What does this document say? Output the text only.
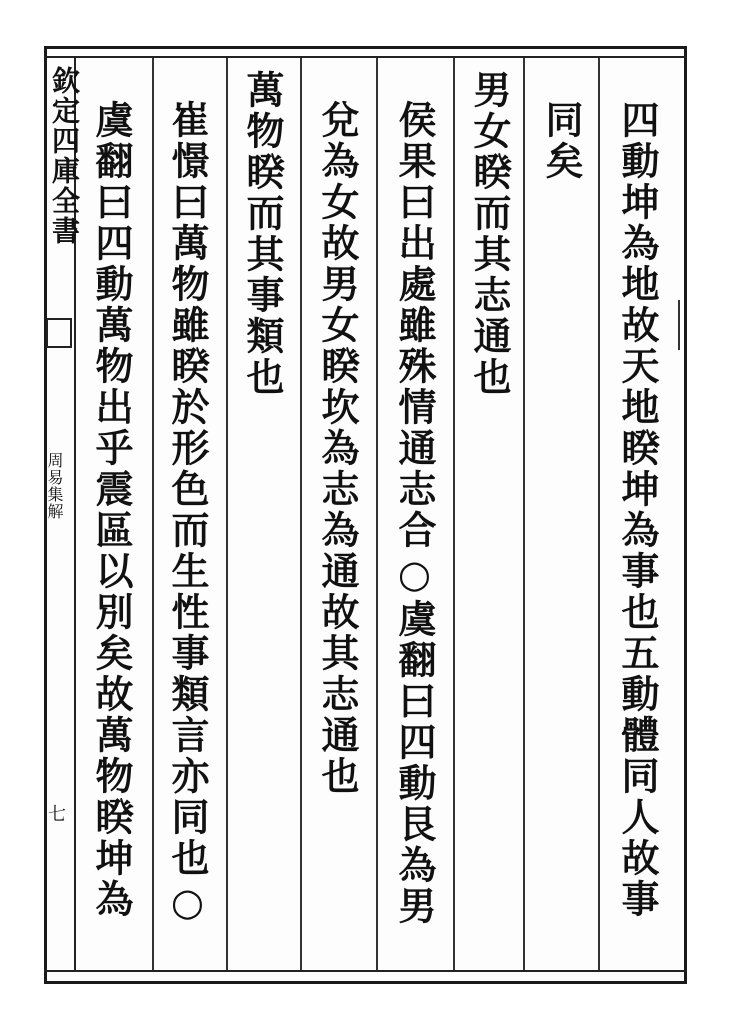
欽定四庫全書
周易集解
七	四動坤為地故天地睽坤為事也五動體同人故事
同矣
男女睽而其志通也
侯果曰出處雖殊情通志合○虞翻曰四動艮為男
兌為女故男女睽坎為志為通故其志通也
萬物睽而其事類也
崔憬曰萬物雖睽於形色而生性事類言亦同也○
虞翻曰四動萬物出乎震區以別矣故萬物睽坤為
